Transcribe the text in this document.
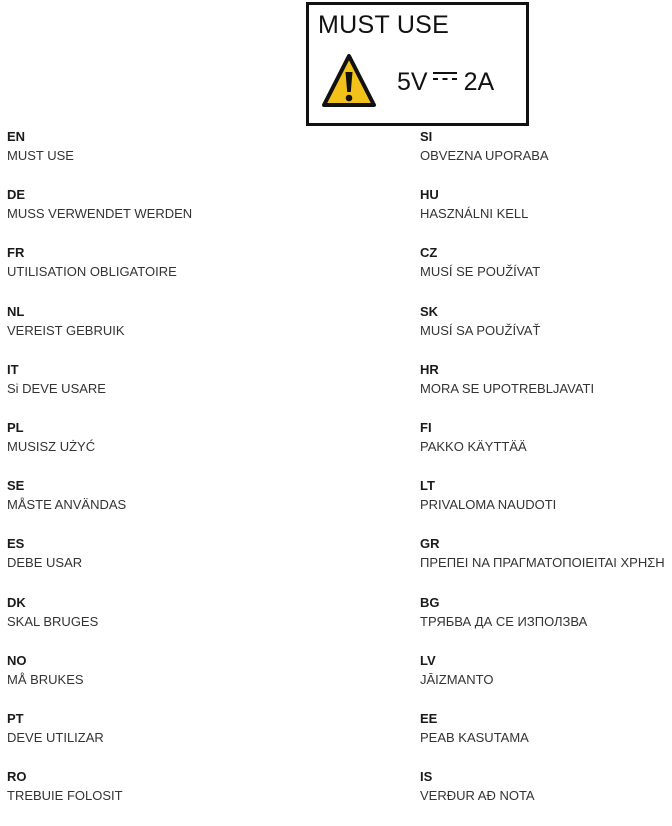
MUST USE
5V 2A
EN
MUST USE
DE
MUSS VERWENDET WERDEN
FR
UTILISATION OBLIGATOIRE
NL
VEREIST GEBRUIK
IT
Si DEVE USARE
PL
MUSISZ UŻYĆ
SE
MÅSTE ANVÄNDAS
ES
DEBE USAR
DK
SKAL BRUGES
NO
MÅ BRUKES
PT
DEVE UTILIZAR
RO
TREBUIE FOLOSIT
SI
OBVEZNA UPORABA
HU
HASZNÁLNI KELL
CZ
MUSÍ SE POUŽÍVAT
SK
MUSÍ SA POUŽÍVAŤ
HR
MORA SE UPOTREBLJAVATI
FI
PAKKO KÄYTTÄÄ
LT
PRIVALOMA NAUDOTI
GR
ΠΡΕΠΕΙ ΝΑ ΠΡΑΓΜΑΤΟΠΟΙΕΙΤΑΙ ΧΡΗΣΗ
BG
ТРЯБВА ДА СЕ ИЗПОЛЗВА
LV
JĀIZMANTO
EE
PEAB KASUTAMA
IS
VERÐUR AÐ NOTA
